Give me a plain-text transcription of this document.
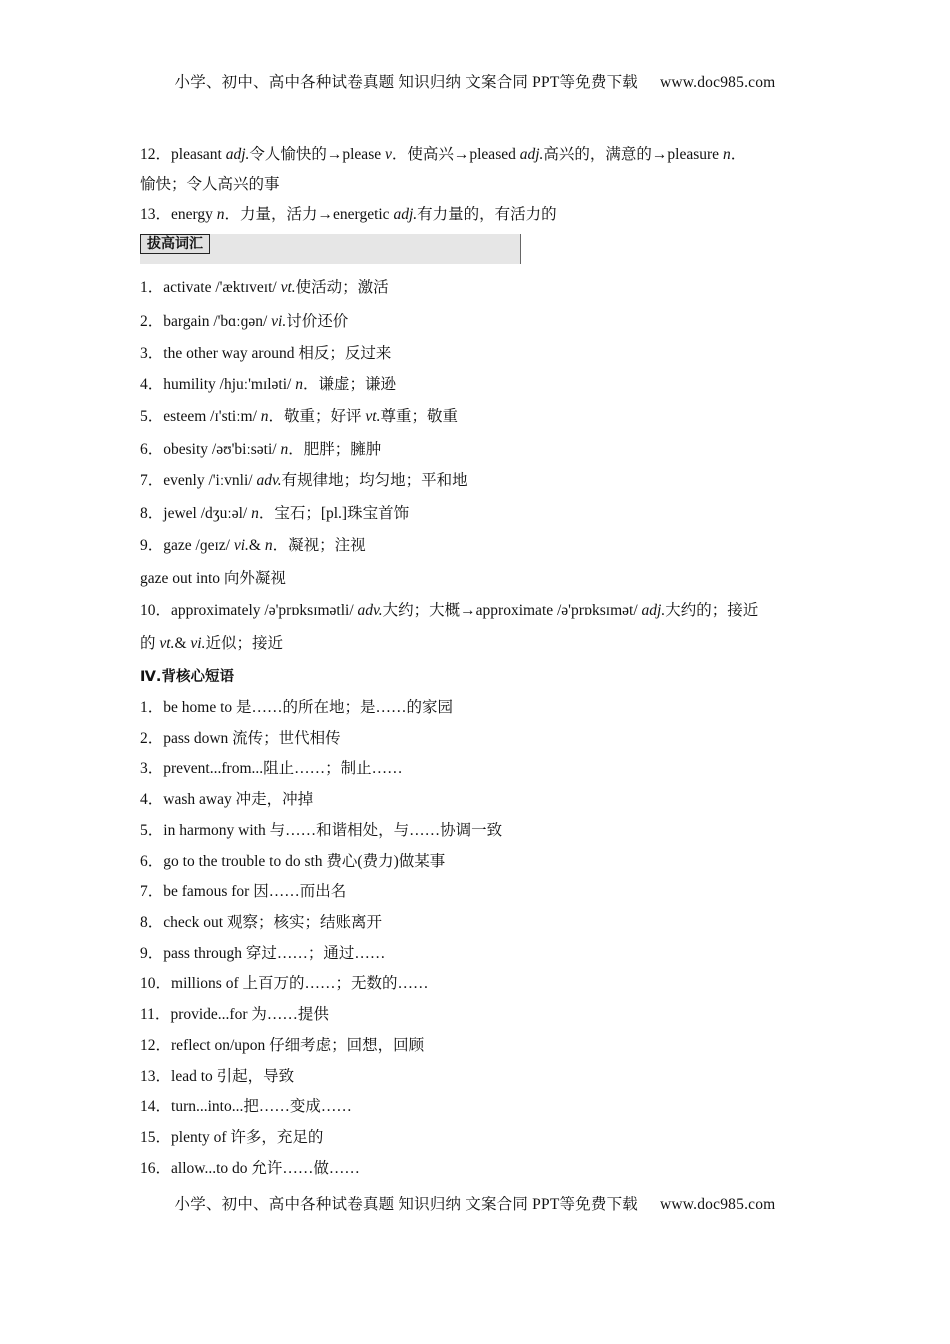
小学、初中、高中各种试卷真题 知识归纳 文案合同 PPT等免费下载 www.doc985.com
12．pleasant adj.令人愉快的→please v．使高兴→pleased adj.高兴的，满意的→pleasure n．
愉快；令人高兴的事
13．energy n．力量，活力→energetic adj.有力量的，有活力的
拔高词汇
1．activate /'æktɪveɪt/ vt.使活动；激活
2．bargain /'bɑːɡən/ vi.讨价还价
3．the other way around 相反；反过来
4．humility /hjuː'mɪləti/ n．谦虚；谦逊
5．esteem /ɪ'stiːm/ n．敬重；好评 vt.尊重；敬重
6．obesity /əʊ'biːsəti/ n．肥胖；臃肿
7．evenly /'iːvnli/ adv.有规律地；均匀地；平和地
8．jewel /dʒuːəl/ n．宝石；[pl.]珠宝首饰
9．gaze /ɡeɪz/ vi.& n．凝视；注视
gaze out into 向外凝视
10．approximately /ə'prɒksɪmətli/ adv.大约；大概→approximate /ə'prɒksɪmət/ adj.大约的；接近
的 vt.& vi.近似；接近
Ⅳ.背核心短语
1．be home to 是……的所在地；是……的家园
2．pass down 流传；世代相传
3．prevent...from...阻止……；制止……
4．wash away 冲走，冲掉
5．in harmony with 与……和谐相处，与……协调一致
6．go to the trouble to do sth 费心(费力)做某事
7．be famous for 因……而出名
8．check out 观察；核实；结账离开
9．pass through 穿过……；通过……
10．millions of 上百万的……；无数的……
11．provide...for 为……提供
12．reflect on/upon 仔细考虑；回想，回顾
13．lead to 引起，导致
14．turn...into...把……变成……
15．plenty of 许多，充足的
16．allow...to do 允许……做……
小学、初中、高中各种试卷真题 知识归纳 文案合同 PPT等免费下载 www.doc985.com
